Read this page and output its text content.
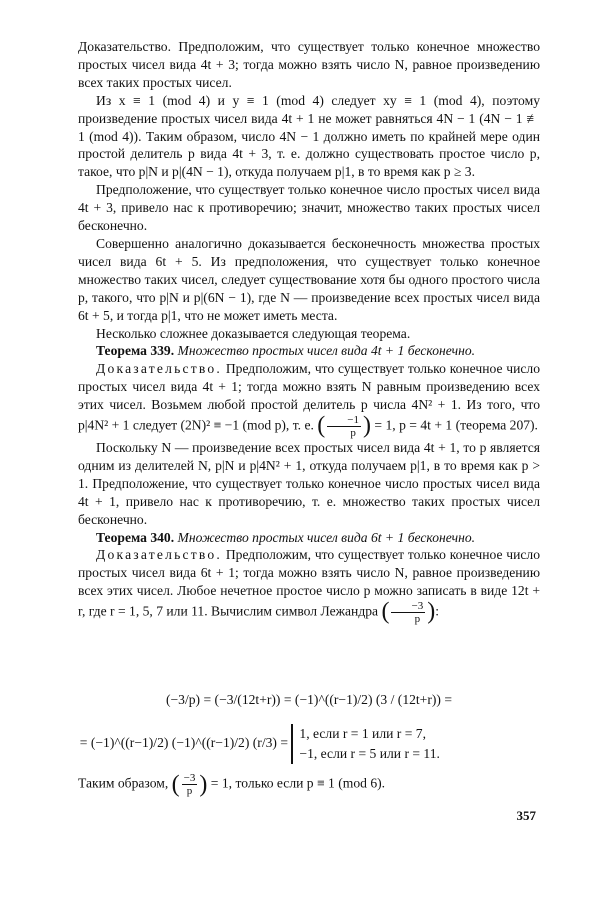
Доказательство. Предположим, что существует только конечное множество простых чисел вида 4t + 3; тогда можно взять число N, равное произведению всех таких простых чисел.

Из x ≡ 1 (mod 4) и y ≡ 1 (mod 4) следует xy ≡ 1 (mod 4), поэтому произведение простых чисел вида 4t + 1 не может равняться 4N − 1 (4N − 1 ≢ 1 (mod 4)). Таким образом, число 4N − 1 должно иметь по крайней мере один простой делитель p вида 4t + 3, т. е. должно существовать простое число p, такое, что p|N и p|(4N − 1), откуда получаем p|1, в то время как p ≥ 3.

Предположение, что существует только конечное число простых чисел вида 4t + 3, привело нас к противоречию; значит, множество таких простых чисел бесконечно.

Совершенно аналогично доказывается бесконечность множества простых чисел вида 6t + 5. Из предположения, что существует только конечное множество таких чисел, следует существование хотя бы одного простого числа p, такого, что p|N и p|(6N − 1), где N — произведение всех простых чисел вида 6t + 5, и тогда p|1, что не может иметь места.

Несколько сложнее доказывается следующая теорема.

Теорема 339. Множество простых чисел вида 4t + 1 бесконечно.

Доказательство. Предположим, что существует только конечное число простых чисел вида 4t + 1; тогда можно взять N равным произведению всех этих чисел. Возьмем любой простой делитель p числа 4N² + 1. Из того, что p|4N² + 1 следует (2N)² ≡ −1 (mod p), т. е. ( $\frac{-1}{p}$ ) = 1, p = 4t + 1 (теорема 207).

Поскольку N — произведение всех простых чисел вида 4t + 1, то p является одним из делителей N, p|N и p|4N² + 1, откуда получаем p|1, в то время как p > 1. Предположение, что существует только конечное число простых чисел вида 4t + 1, привело нас к противоречию, т. е. множество таких простых чисел бесконечно.

Теорема 340. Множество простых чисел вида 6t + 1 бесконечно.

Доказательство. Предположим, что существует только конечное число простых чисел вида 6t + 1; тогда можно взять число N, равное произведению всех этих чисел. Любое нечетное простое число p можно записать в виде 12t + r, где r = 1, 5, 7 или 11. Вычислим символ Лежандра ( $\frac{-3}{p}$ ):

(−3/p) = (−3/(12t+r)) = (−1)^((r−1)/2) (3 / (12t+r)) =
= (−1)^((r−1)/2) (−1)^((r−1)/2) (r/3) =
1, если r = 1 или r = 7,
−1, если r = 5 или r = 11.
Таким образом, ( $\frac{-3}{p}$ ) = 1, только если p ≡ 1 (mod 6).
357
